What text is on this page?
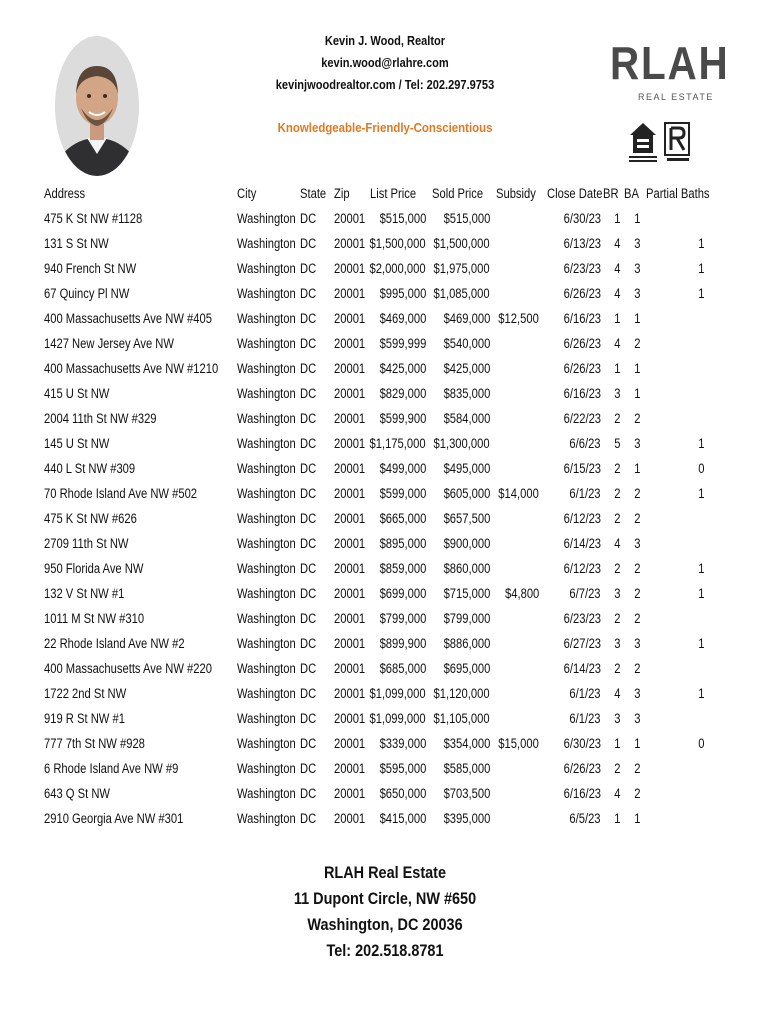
Kevin J. Wood, Realtor
kevin.wood@rlahre.com
kevinjwoodrealtor.com / Tel: 202.297.9753
Knowledgeable-Friendly-Conscientious
RLAH
REAL ESTATE
Address	City	State Zip List Price Sold Price Subsidy Close Date BR BA Partial Baths
475 K St NW #1128	Washington DC 20001 $515,000 $515,000	6/30/23 1 1
131 S St NW	Washington DC 20001 $1,500,000 $1,500,000	6/13/23 4 3	1
940 French St NW	Washington DC 20001 $2,000,000 $1,975,000	6/23/23 4 3	1
67 Quincy Pl NW	Washington DC 20001 $995,000 $1,085,000	6/26/23 4 3	1
400 Massachusetts Ave NW #405 Washington DC 20001 $469,000 $469,000 $12,500 6/16/23 1 1
1427 New Jersey Ave NW	Washington DC 20001 $599,999 $540,000	6/26/23 4 2
400 Massachusetts Ave NW #1210 Washington DC 20001 $425,000 $425,000	6/26/23 1 1
415 U St NW	Washington DC 20001 $829,000 $835,000	6/16/23 3 1
2004 11th St NW #329	Washington DC 20001 $599,900 $584,000	6/22/23 2 2
145 U St NW	Washington DC 20001 $1,175,000 $1,300,000	6/6/23 5 3	1
440 L St NW #309	Washington DC 20001 $499,000 $495,000	6/15/23 2 1	0
70 Rhode Island Ave NW #502	Washington DC 20001 $599,000 $605,000 $14,000 6/1/23 2 2	1
475 K St NW #626	Washington DC 20001 $665,000 $657,500	6/12/23 2 2
2709 11th St NW	Washington DC 20001 $895,000 $900,000	6/14/23 4 3
950 Florida Ave NW	Washington DC 20001 $859,000 $860,000	6/12/23 2 2	1
132 V St NW #1	Washington DC 20001 $699,000 $715,000 $4,800 6/7/23 3 2	1
1011 M St NW #310	Washington DC 20001 $799,000 $799,000	6/23/23 2 2
22 Rhode Island Ave NW #2	Washington DC 20001 $899,900 $886,000	6/27/23 3 3	1
400 Massachusetts Ave NW #220 Washington DC 20001 $685,000 $695,000	6/14/23 2 2
1722 2nd St NW	Washington DC 20001 $1,099,000 $1,120,000	6/1/23 4 3	1
919 R St NW #1	Washington DC 20001 $1,099,000 $1,105,000	6/1/23 3 3
777 7th St NW #928	Washington DC 20001 $339,000 $354,000 $15,000 6/30/23 1 1	0
6 Rhode Island Ave NW #9	Washington DC 20001 $595,000 $585,000	6/26/23 2 2
643 Q St NW	Washington DC 20001 $650,000 $703,500	6/16/23 4 2
2910 Georgia Ave NW #301	Washington DC 20001 $415,000 $395,000	6/5/23 1 1
RLAH Real Estate
11 Dupont Circle, NW #650
Washington, DC 20036
Tel: 202.518.8781
